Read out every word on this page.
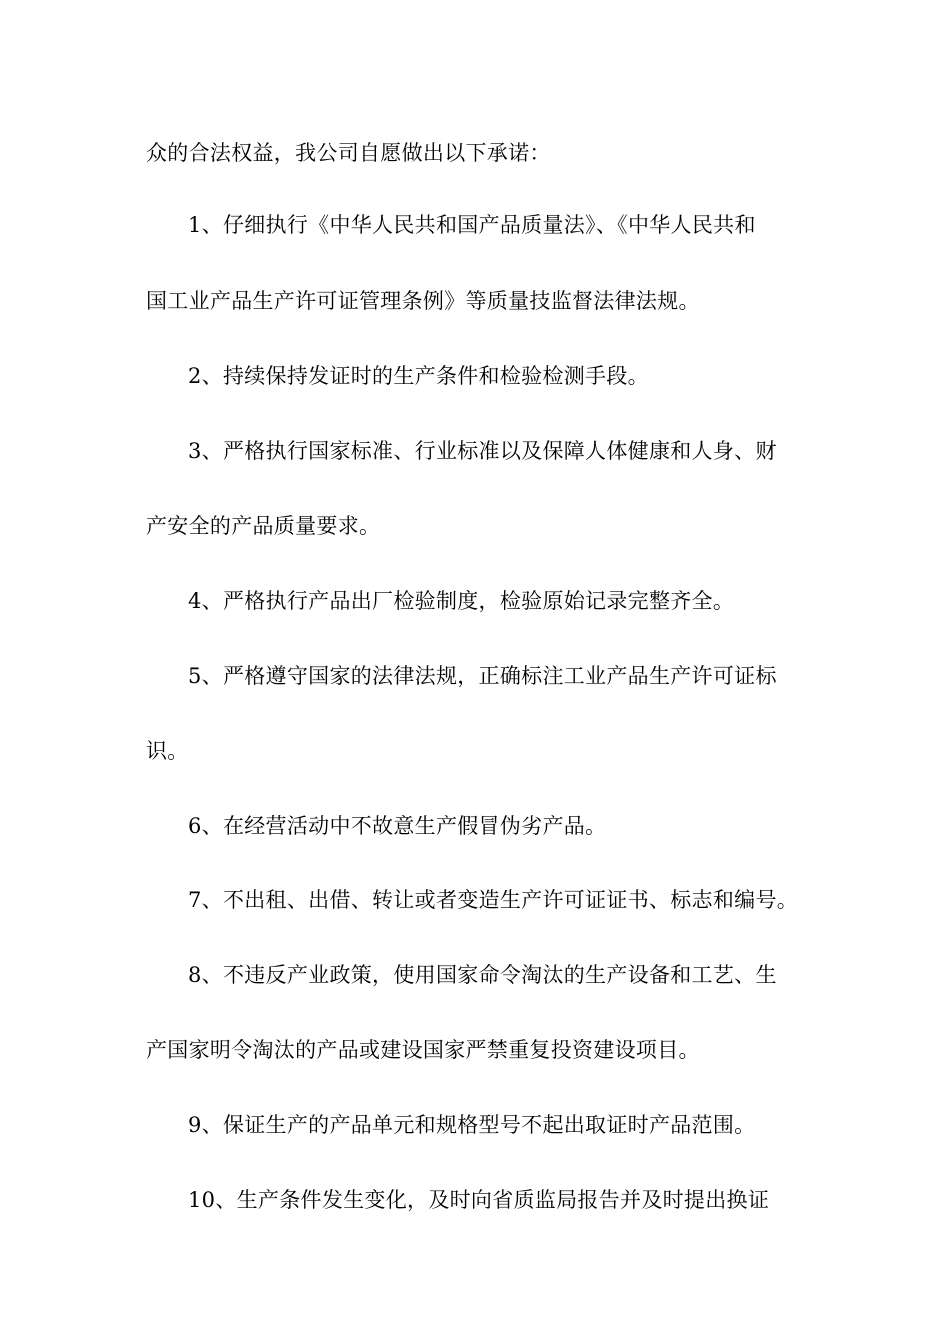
众的合法权益，我公司自愿做出以下承诺：
1、仔细执行《中华人民共和国产品质量法》、《中华人民共和
国工业产品生产许可证管理条例》等质量技监督法律法规。
2、持续保持发证时的生产条件和检验检测手段。
3、严格执行国家标准、行业标准以及保障人体健康和人身、财
产安全的产品质量要求。
4、严格执行产品出厂检验制度，检验原始记录完整齐全。
5、严格遵守国家的法律法规，正确标注工业产品生产许可证标
识。
6、在经营活动中不故意生产假冒伪劣产品。
7、不出租、出借、转让或者变造生产许可证证书、标志和编号。
8、不违反产业政策，使用国家命令淘汰的生产设备和工艺、生
产国家明令淘汰的产品或建设国家严禁重复投资建设项目。
9、保证生产的产品单元和规格型号不起出取证时产品范围。
10、生产条件发生变化，及时向省质监局报告并及时提出换证
